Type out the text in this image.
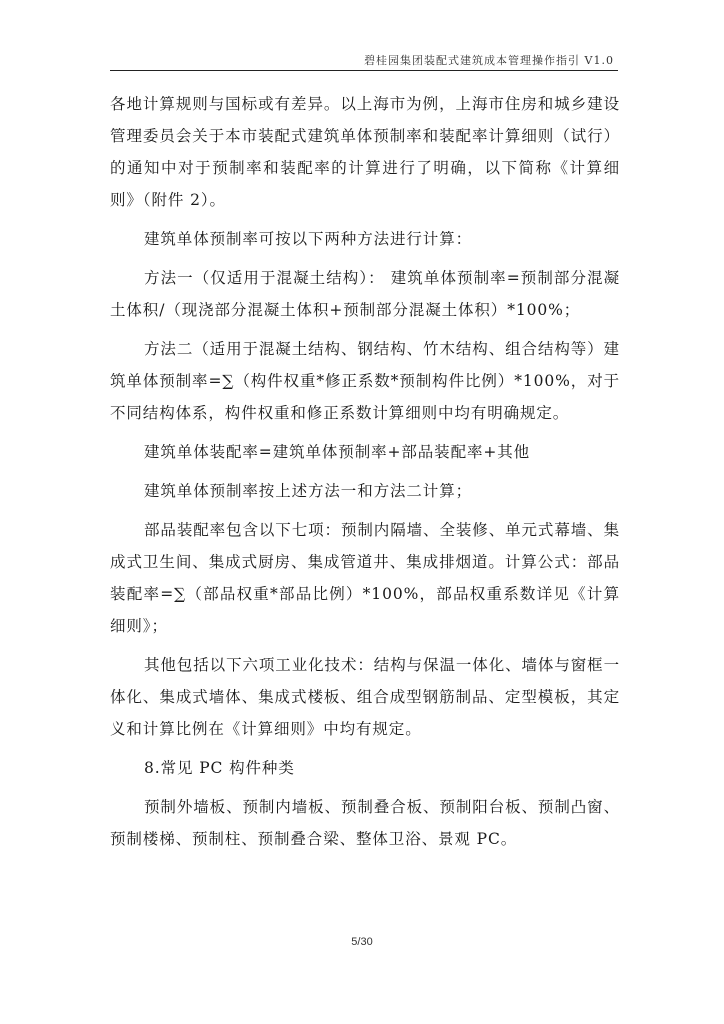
碧桂园集团装配式建筑成本管理操作指引 V1.0

各地计算规则与国标或有差异。以上海市为例，上海市住房和城乡建设管理委员会关于本市装配式建筑单体预制率和装配率计算细则（试行）的通知中对于预制率和装配率的计算进行了明确，以下简称《计算细则》（附件 2）。

建筑单体预制率可按以下两种方法进行计算：

方法一（仅适用于混凝土结构）： 建筑单体预制率=预制部分混凝土体积/（现浇部分混凝土体积+预制部分混凝土体积）*100%；

方法二（适用于混凝土结构、钢结构、竹木结构、组合结构等）建筑单体预制率=∑（构件权重*修正系数*预制构件比例）*100%，对于不同结构体系，构件权重和修正系数计算细则中均有明确规定。

建筑单体装配率=建筑单体预制率+部品装配率+其他

建筑单体预制率按上述方法一和方法二计算；

部品装配率包含以下七项：预制内隔墙、全装修、单元式幕墙、集成式卫生间、集成式厨房、集成管道井、集成排烟道。计算公式：部品装配率=∑（部品权重*部品比例）*100%，部品权重系数详见《计算细则》；

其他包括以下六项工业化技术：结构与保温一体化、墙体与窗框一体化、集成式墙体、集成式楼板、组合成型钢筋制品、定型模板，其定义和计算比例在《计算细则》中均有规定。

8.常见 PC 构件种类

预制外墙板、预制内墙板、预制叠合板、预制阳台板、预制凸窗、预制楼梯、预制柱、预制叠合梁、整体卫浴、景观 PC。

5/30
